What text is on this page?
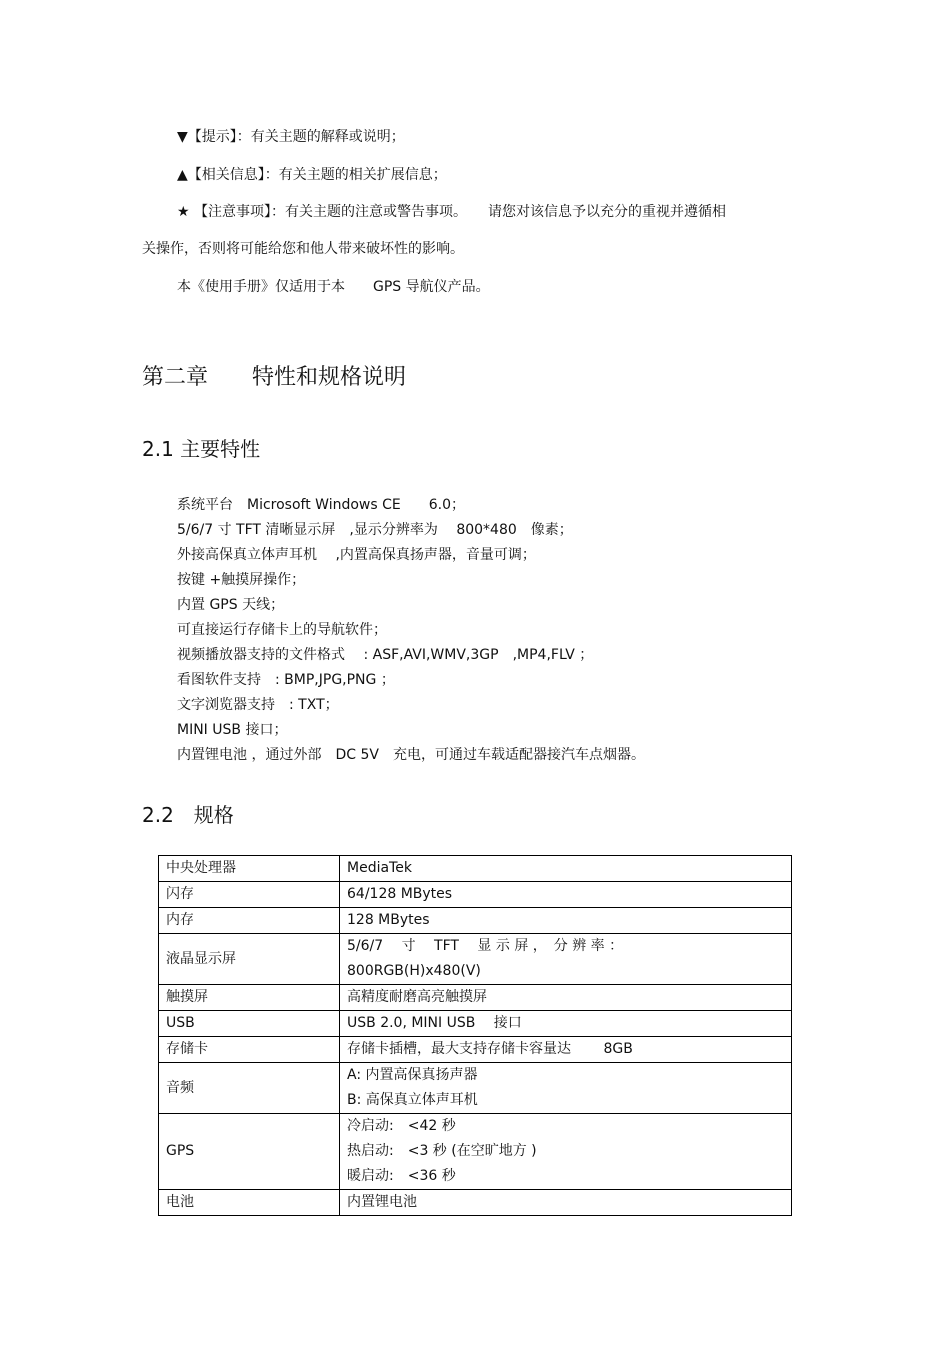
▼【提示】：有关主题的解释或说明；
▲【相关信息】：有关主题的相关扩展信息；
★ 【注意事项】：有关主题的注意或警告事项。　　请您对该信息予以充分的重视并遵循相
关操作，否则将可能给您和他人带来破坏性的影响。
本《使用手册》仅适用于本　　GPS 导航仪产品。
第二章　　特性和规格说明
2.1 主要特性
系统平台　Microsoft Windows CE　　6.0；
5/6/7 寸 TFT 清晰显示屏　,显示分辨率为　 800*480　像素；
外接高保真立体声耳机　 ,内置高保真扬声器，音量可调；
按键 +触摸屏操作；
内置 GPS 天线；
可直接运行存储卡上的导航软件；
视频播放器支持的文件格式　 : ASF,AVI,WMV,3GP　,MP4,FLV ；
看图软件支持　: BMP,JPG,PNG ；
文字浏览器支持　: TXT；
MINI USB 接口；
内置锂电池 ，通过外部　DC 5V　充电，可通过车载适配器接汽车点烟器。
2.2　规格
中央处理器	MediaTek
闪存	64/128 MBytes
内存	128 MBytes
液晶显示屏	5/6/7　 寸　 TFT　 显 示 屏 ，　分 辨 率 ：
800RGB(H)x480(V)

触摸屏	高精度耐磨高亮触摸屏
USB	USB 2.0, MINI USB　 接口
存储卡	存储卡插槽，最大支持存储卡容量达　　 8GB
音频	A: 内置高保真扬声器
B: 高保真立体声耳机

GPS	冷启动:　<42 秒
热启动:　<3 秒 (在空旷地方 )
暖启动:　<36 秒

电池	内置锂电池
